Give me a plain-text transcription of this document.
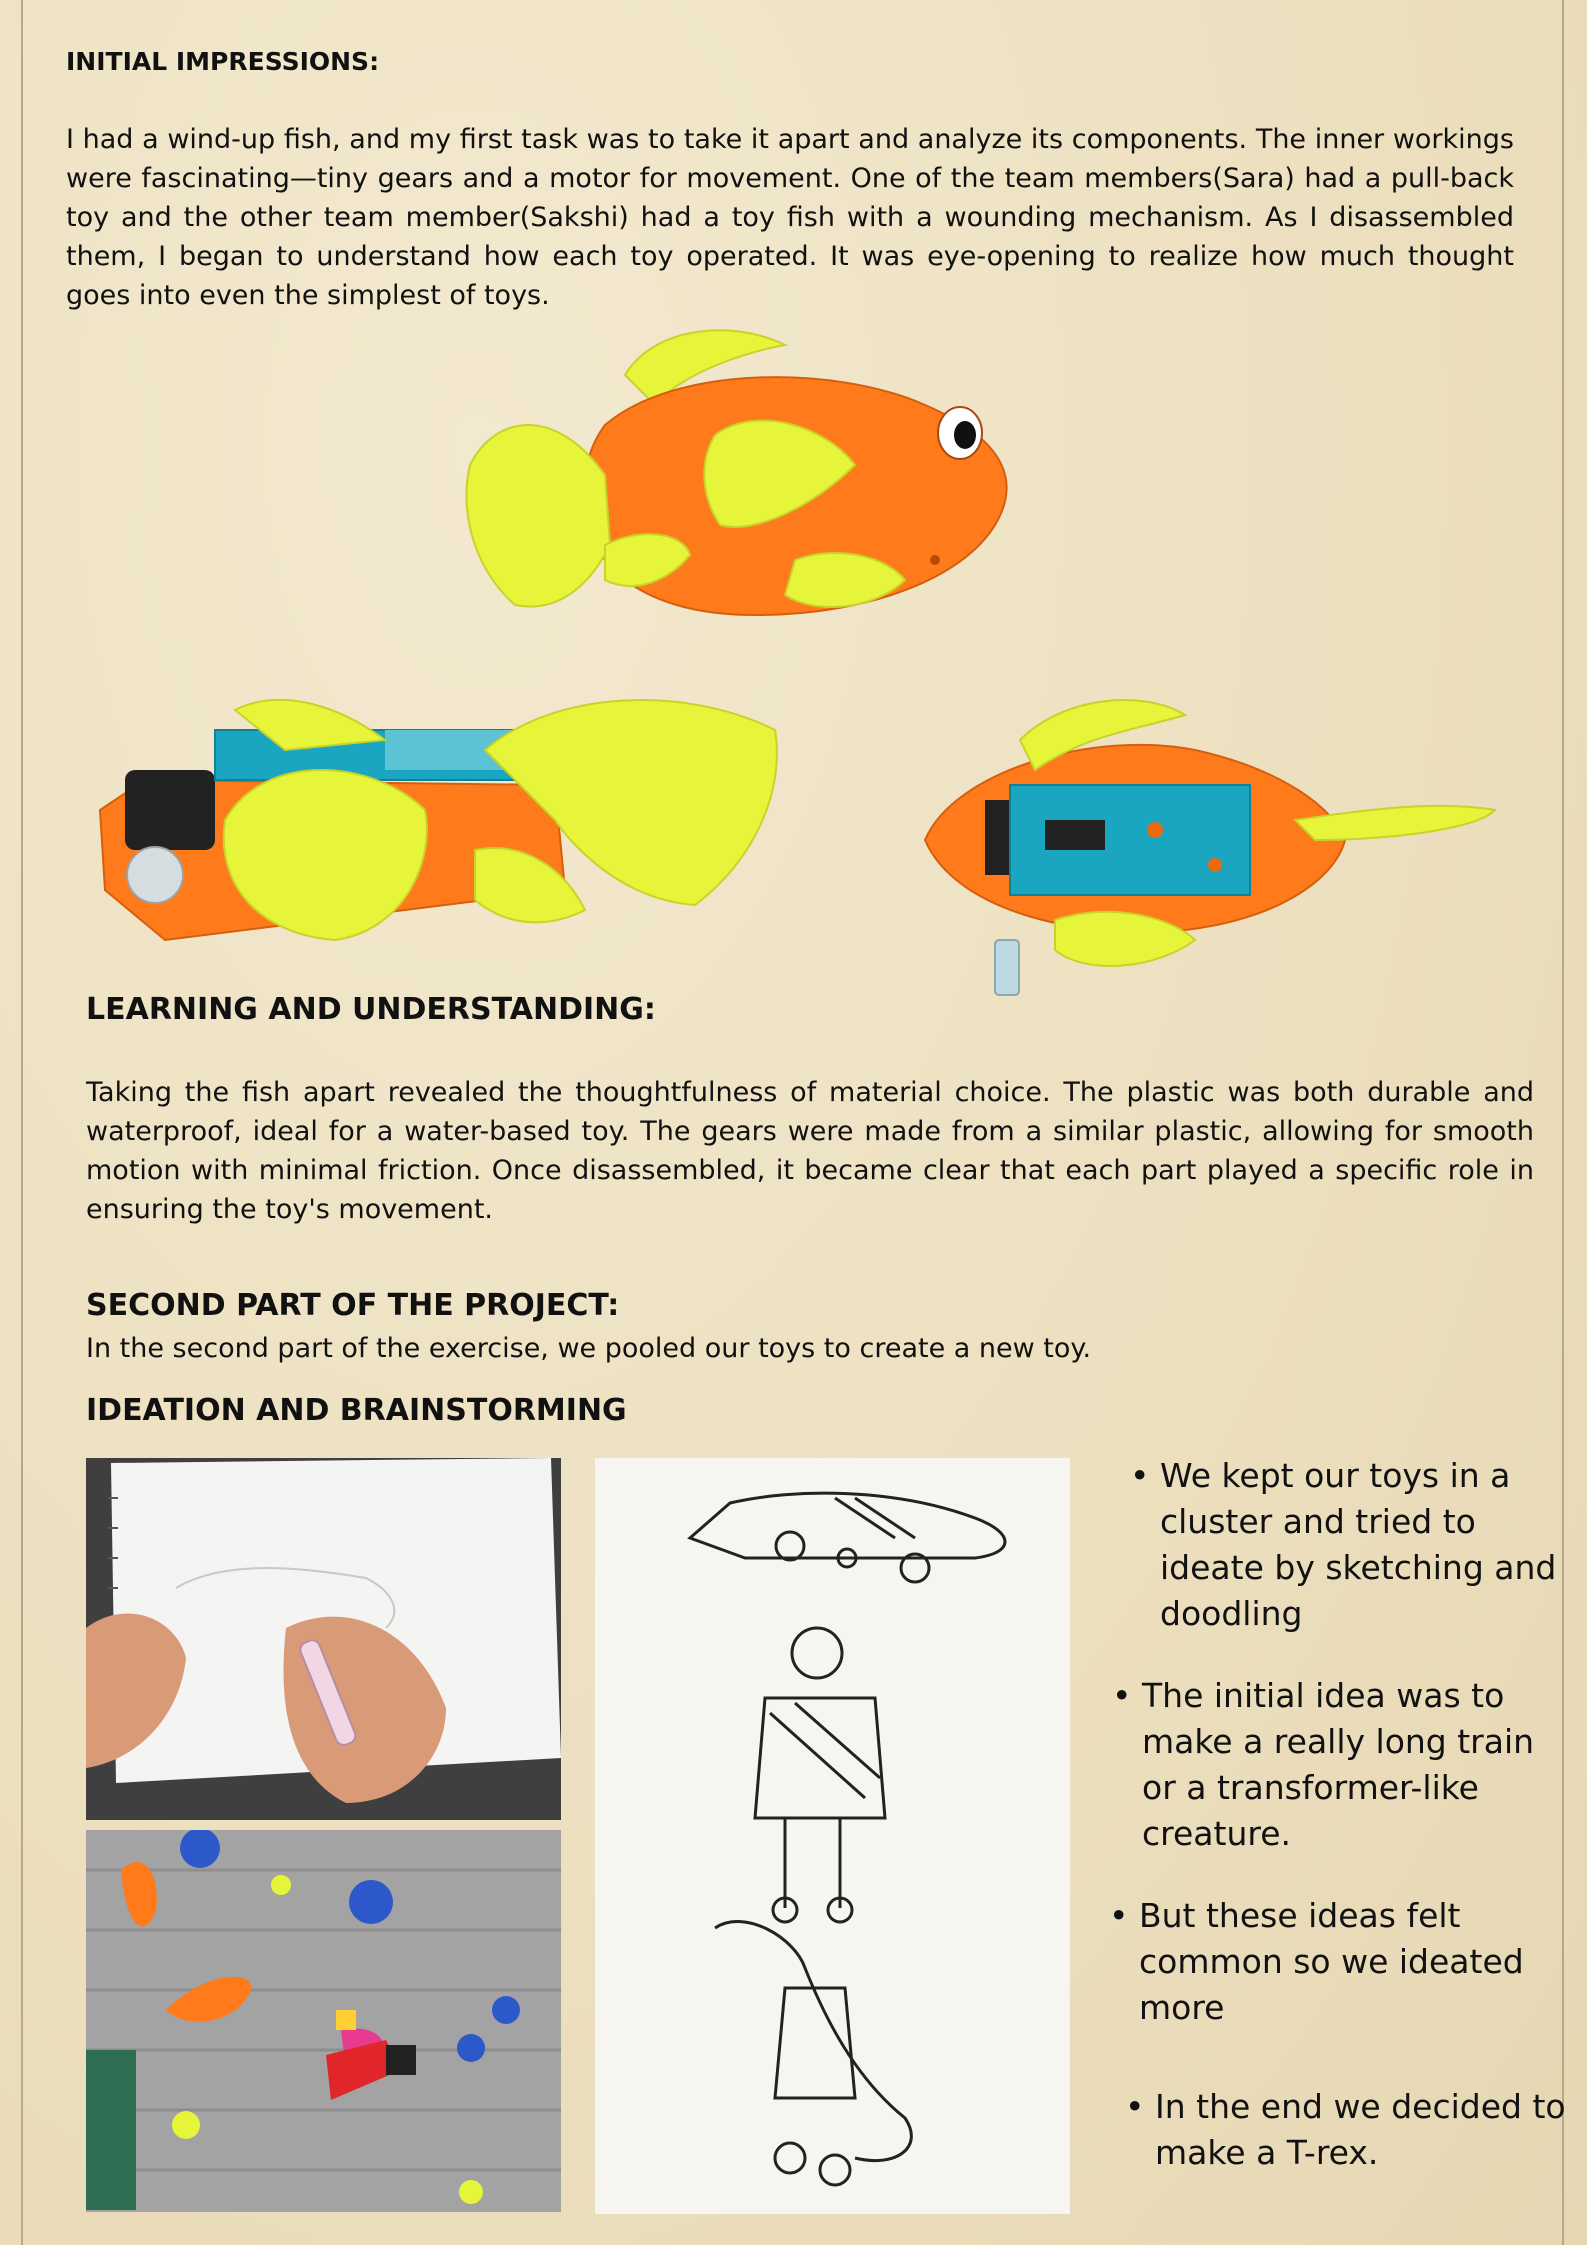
INITIAL IMPRESSIONS:

I had a wind-up fish, and my first task was to take it apart and analyze its components. The inner workings were fascinating—tiny gears and a motor for movement. One of the team members(Sara) had a pull-back toy and the other team member(Sakshi) had a toy fish with a wounding mechanism. As I disassembled them, I began to understand how each toy operated. It was eye-opening to realize how much thought goes into even the simplest of toys.

LEARNING AND UNDERSTANDING:

Taking the fish apart revealed the thoughtfulness of material choice. The plastic was both durable and waterproof, ideal for a water-based toy. The gears were made from a similar plastic, allowing for smooth motion with minimal friction. Once disassembled, it became clear that each part played a specific role in ensuring the toy's movement.

SECOND PART OF THE PROJECT:

In the second part of the exercise, we pooled our toys to create a new toy.

IDEATION AND BRAINSTORMING
• We kept our toys in a cluster and tried to ideate by sketching and doodling
• The initial idea was to make a really long train or a transformer-like creature.
• But these ideas felt common so we ideated more
• In the end we decided to make a T-rex.
